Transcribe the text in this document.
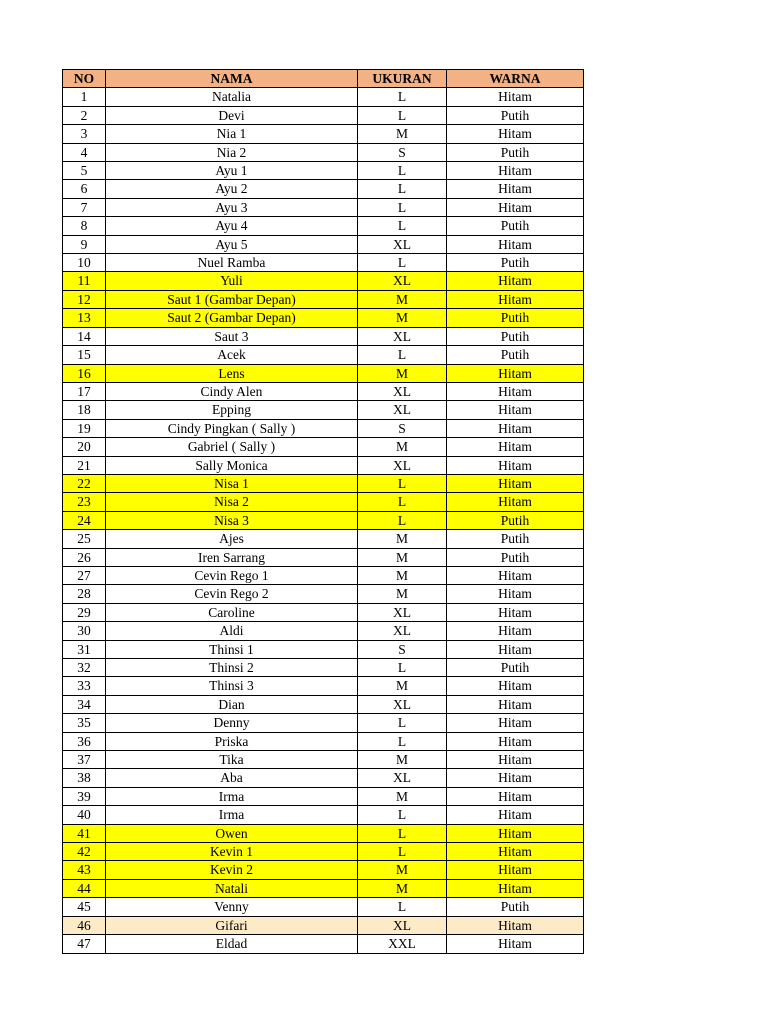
NO	NAMA	UKURAN	WARNA
1	Natalia	L	Hitam
2	Devi	L	Putih
3	Nia 1	M	Hitam
4	Nia 2	S	Putih
5	Ayu 1	L	Hitam
6	Ayu 2	L	Hitam
7	Ayu 3	L	Hitam
8	Ayu 4	L	Putih
9	Ayu 5	XL	Hitam
10	Nuel Ramba	L	Putih
11	Yuli	XL	Hitam
12	Saut 1 (Gambar Depan)	M	Hitam
13	Saut 2 (Gambar Depan)	M	Putih
14	Saut 3	XL	Putih
15	Acek	L	Putih
16	Lens	M	Hitam
17	Cindy Alen	XL	Hitam
18	Epping	XL	Hitam
19	Cindy Pingkan ( Sally )	S	Hitam
20	Gabriel ( Sally )	M	Hitam
21	Sally Monica	XL	Hitam
22	Nisa 1	L	Hitam
23	Nisa 2	L	Hitam
24	Nisa 3	L	Putih
25	Ajes	M	Putih
26	Iren Sarrang	M	Putih
27	Cevin Rego 1	M	Hitam
28	Cevin Rego 2	M	Hitam
29	Caroline	XL	Hitam
30	Aldi	XL	Hitam
31	Thinsi 1	S	Hitam
32	Thinsi 2	L	Putih
33	Thinsi 3	M	Hitam
34	Dian	XL	Hitam
35	Denny	L	Hitam
36	Priska	L	Hitam
37	Tika	M	Hitam
38	Aba	XL	Hitam
39	Irma	M	Hitam
40	Irma	L	Hitam
41	Owen	L	Hitam
42	Kevin 1	L	Hitam
43	Kevin 2	M	Hitam
44	Natali	M	Hitam
45	Venny	L	Putih
46	Gifari	XL	Hitam
47	Eldad	XXL	Hitam
